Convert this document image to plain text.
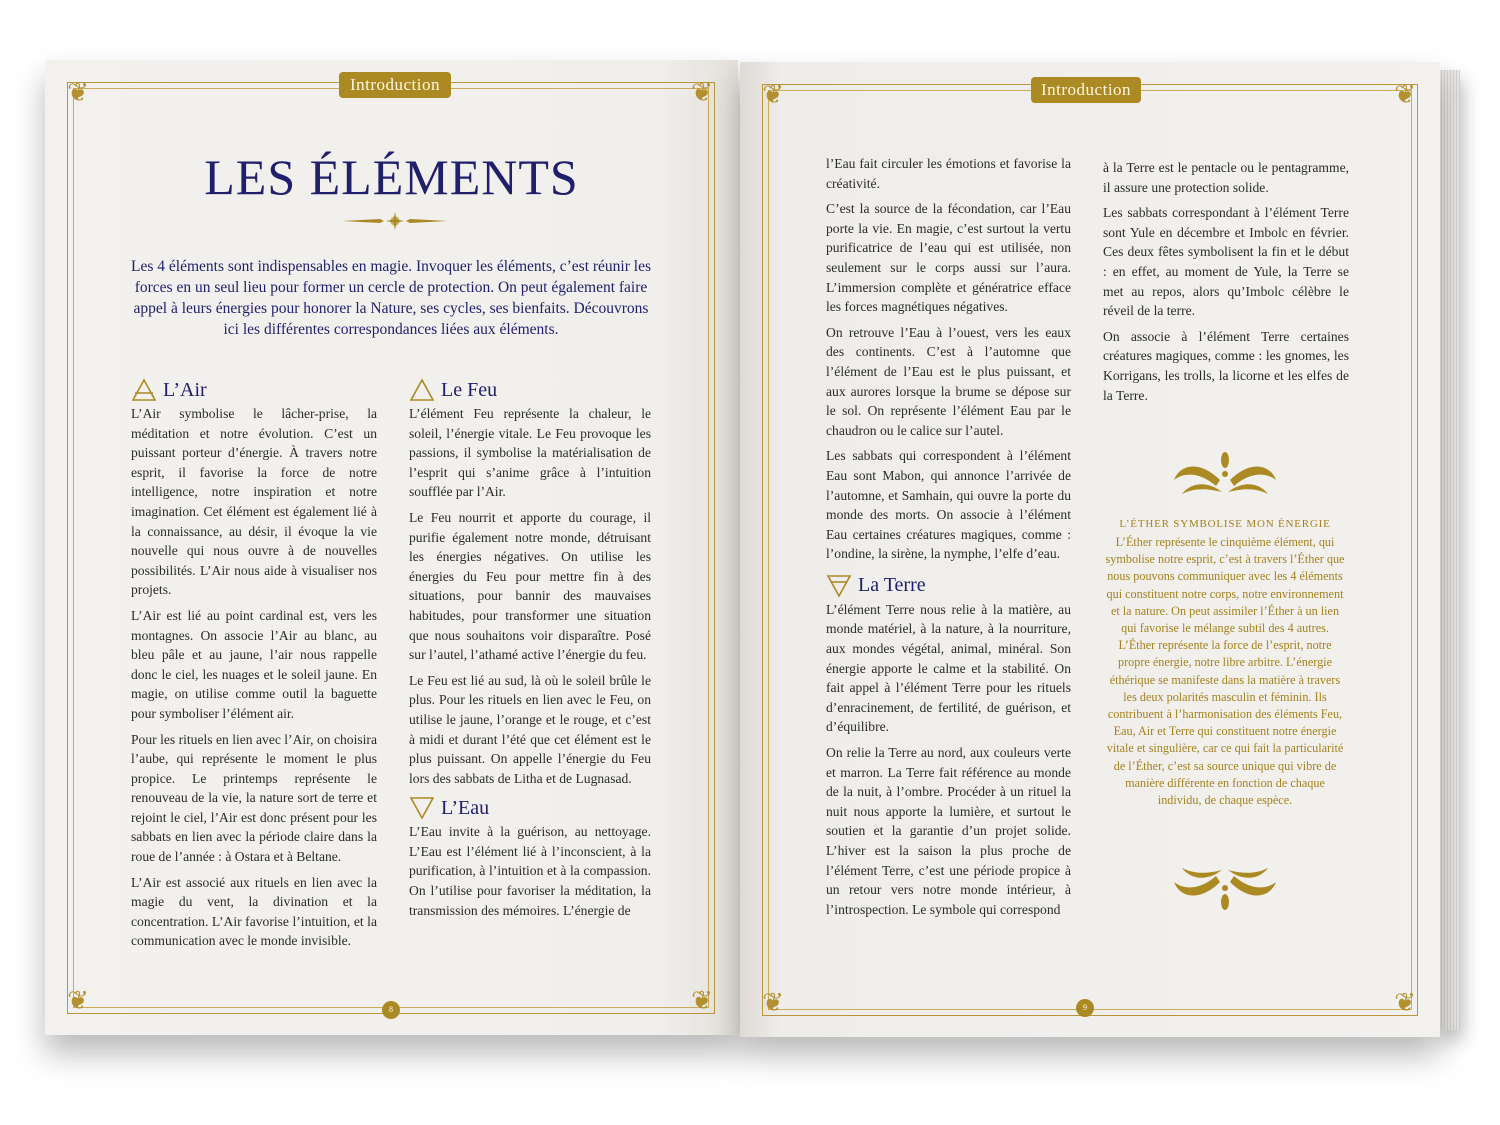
❦	❦
❦	❦
Introduction
LES ÉLÉMENTS

Les 4 éléments sont indispensables en magie. Invoquer les éléments, c’est réunir les forces en un seul lieu pour former un cercle de protection. On peut également faire appel à leurs énergies pour honorer la Nature, ses cycles, ses bienfaits. Découvrons ici les différentes correspondances liées aux éléments.

L’Air

L’Air symbolise le lâcher-prise, la méditation et notre évolution. C’est un puissant porteur d’énergie. À travers notre esprit, il favorise la force de notre intelligence, notre inspiration et notre imagination. Cet élément est également lié à la connaissance, au désir, il évoque la vie nouvelle qui nous ouvre à de nouvelles possibilités. L’Air nous aide à visualiser nos projets.

L’Air est lié au point cardinal est, vers les montagnes. On associe l’Air au blanc, au bleu pâle et au jaune, l’air nous rappelle donc le ciel, les nuages et le soleil jaune. En magie, on utilise comme outil la baguette pour symboliser l’élément air.

Pour les rituels en lien avec l’Air, on choisira l’aube, qui représente le moment le plus propice. Le printemps représente le renouveau de la vie, la nature sort de terre et rejoint le ciel, l’Air est donc présent pour les sabbats en lien avec la période claire dans la roue de l’année : à Ostara et à Beltane.

L’Air est associé aux rituels en lien avec la magie du vent, la divination et la concentration. L’Air favorise l’intuition, et la communication avec le monde invisible.

Le Feu

L’élément Feu représente la chaleur, le soleil, l’énergie vitale. Le Feu provoque les passions, il symbolise la matérialisation de l’esprit qui s’anime grâce à l’intuition soufflée par l’Air.

Le Feu nourrit et apporte du courage, il purifie également notre monde, détruisant les énergies négatives. On utilise les énergies du Feu pour mettre fin à des situations, pour bannir des mauvaises habitudes, pour transformer une situation que nous souhaitons voir disparaître. Posé sur l’autel, l’athamé active l’énergie du feu.

Le Feu est lié au sud, là où le soleil brûle le plus. Pour les rituels en lien avec le Feu, on utilise le jaune, l’orange et le rouge, et c’est à midi et durant l’été que cet élément est le plus puissant. On appelle l’énergie du Feu lors des sabbats de Litha et de Lugnasad.

L’Eau

L’Eau invite à la guérison, au nettoyage. L’Eau est l’élément lié à l’inconscient, à la purification, à l’intuition et à la compassion. On l’utilise pour favoriser la méditation, la transmission des mémoires. L’énergie de

8
❦	❦
❦	❦
Introduction

l’Eau fait circuler les émotions et favorise la créativité.

C’est la source de la fécondation, car l’Eau porte la vie. En magie, c’est surtout la vertu purificatrice de l’eau qui est utilisée, non seulement sur le corps aussi sur l’aura. L’immersion complète et génératrice efface les forces magnétiques négatives.

On retrouve l’Eau à l’ouest, vers les eaux des continents. C’est à l’automne que l’élément de l’Eau est le plus puissant, et aux aurores lorsque la brume se dépose sur le sol. On représente l’élément Eau par le chaudron ou le calice sur l’autel.

Les sabbats qui correspondent à l’élément Eau sont Mabon, qui annonce l’arrivée de l’automne, et Samhain, qui ouvre la porte du monde des morts. On associe à l’élément Eau certaines créatures magiques, comme : l’ondine, la sirène, la nymphe, l’elfe d’eau.

La Terre

L’élément Terre nous relie à la matière, au monde matériel, à la nature, à la nourriture, aux mondes végétal, animal, minéral. Son énergie apporte le calme et la stabilité. On fait appel à l’élément Terre pour les rituels d’enracinement, de fertilité, de guérison, et d’équilibre.

On relie la Terre au nord, aux couleurs verte et marron. La Terre fait référence au monde de la nuit, à l’ombre. Procéder à un rituel la nuit nous apporte la lumière, et surtout le soutien et la garantie d’un projet solide. L’hiver est la saison la plus proche de l’élément Terre, c’est une période propice à un retour vers notre monde intérieur, à l’introspection. Le symbole qui correspond

à la Terre est le pentacle ou le pentagramme, il assure une protection solide.

Les sabbats correspondant à l’élément Terre sont Yule en décembre et Imbolc en février. Ces deux fêtes symbolisent la fin et le début : en effet, au moment de Yule, la Terre se met au repos, alors qu’Imbolc célèbre le réveil de la terre.

On associe à l’élément Terre certaines créatures magiques, comme : les gnomes, les Korrigans, les trolls, la licorne et les elfes de la Terre.

L’ÉTHER SYMBOLISE MON ÉNERGIE

L’Éther représente le cinquième élément, qui symbolise notre esprit, c’est à travers l’Éther que nous pouvons communiquer avec les 4 éléments qui constituent notre corps, notre environnement et la nature. On peut assimiler l’Éther à un lien qui favorise le mélange subtil des 4 autres. L’Éther représente la force de l’esprit, notre propre énergie, notre libre arbitre. L’énergie éthérique se manifeste dans la matière à travers les deux polarités masculin et féminin. Ils contribuent à l’harmonisation des éléments Feu, Eau, Air et Terre qui constituent notre énergie vitale et singulière, car ce qui fait la particularité de l’Éther, c’est sa source unique qui vibre de manière différente en fonction de chaque individu, de chaque espèce.

9
